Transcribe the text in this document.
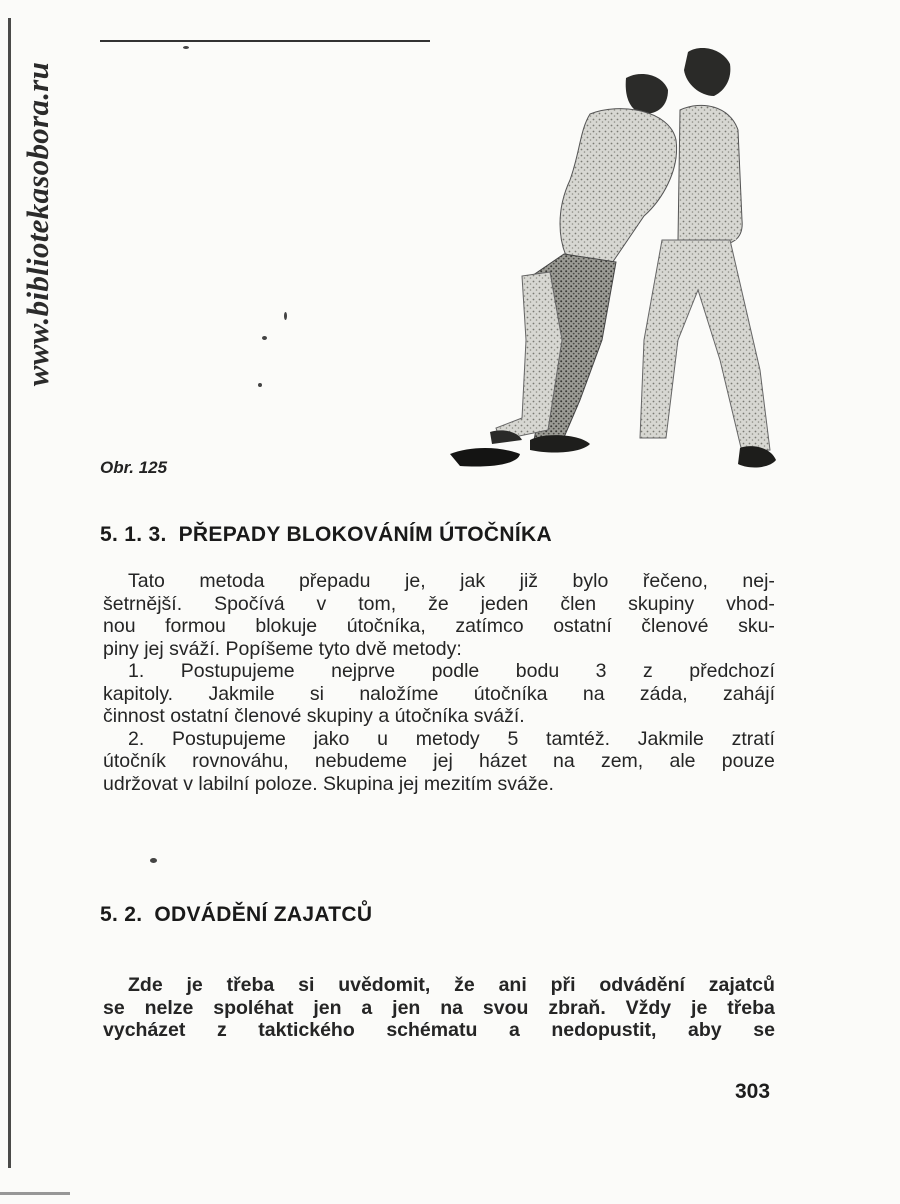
www.bibliotekasobora.ru
Obr. 125
5. 1. 3. PŘEPADY BLOKOVÁNÍM ÚTOČNÍKA
Tato metoda přepadu je, jak již bylo řečeno, nej-
šetrnější. Spočívá v tom, že jeden člen skupiny vhod-
nou formou blokuje útočníka, zatímco ostatní členové sku-
piny jej sváží. Popíšeme tyto dvě metody:
1. Postupujeme nejprve podle bodu 3 z předchozí
kapitoly. Jakmile si naložíme útočníka na záda, zahájí
činnost ostatní členové skupiny a útočníka sváží.
2. Postupujeme jako u metody 5 tamtéž. Jakmile ztratí
útočník rovnováhu, nebudeme jej házet na zem, ale pouze
udržovat v labilní poloze. Skupina jej mezitím sváže.
5. 2. ODVÁDĚNÍ ZAJATCŮ
Zde je třeba si uvědomit, že ani při odvádění zajatců
se nelze spoléhat jen a jen na svou zbraň. Vždy je třeba
vycházet z taktického schématu a nedopustit, aby se
303
